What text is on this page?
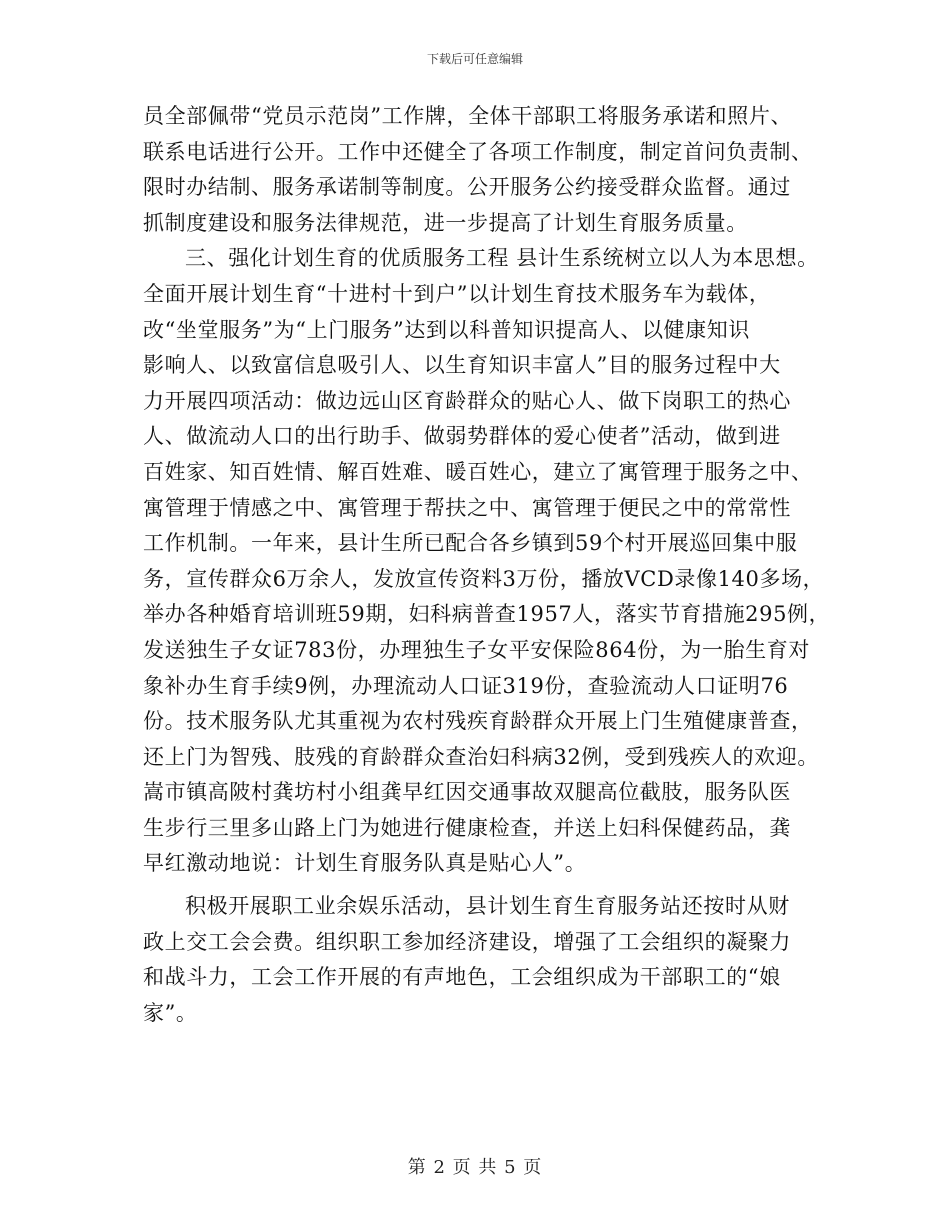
下载后可任意编辑
员全部佩带“党员示范岗”工作牌，全体干部职工将服务承诺和照片、
联系电话进行公开。工作中还健全了各项工作制度，制定首问负责制、
限时办结制、服务承诺制等制度。公开服务公约接受群众监督。通过
抓制度建设和服务法律规范，进一步提高了计划生育服务质量。
三、强化计划生育的优质服务工程 县计生系统树立以人为本思想。
全面开展计划生育“十进村十到户”以计划生育技术服务车为载体，
改“坐堂服务”为“上门服务”达到以科普知识提高人、以健康知识
影响人、以致富信息吸引人、以生育知识丰富人”目的服务过程中大
力开展四项活动：做边远山区育龄群众的贴心人、做下岗职工的热心
人、做流动人口的出行助手、做弱势群体的爱心使者”活动，做到进
百姓家、知百姓情、解百姓难、暖百姓心，建立了寓管理于服务之中、
寓管理于情感之中、寓管理于帮扶之中、寓管理于便民之中的常常性
工作机制。一年来，县计生所已配合各乡镇到59个村开展巡回集中服
务，宣传群众6万余人，发放宣传资料3万份，播放VCD录像140多场，
举办各种婚育培训班59期，妇科病普查1957人，落实节育措施295例，
发送独生子女证783份，办理独生子女平安保险864份，为一胎生育对
象补办生育手续9例，办理流动人口证319份，查验流动人口证明76
份。技术服务队尤其重视为农村残疾育龄群众开展上门生殖健康普查，
还上门为智残、肢残的育龄群众查治妇科病32例，受到残疾人的欢迎。
嵩市镇高陂村龚坊村小组龚早红因交通事故双腿高位截肢，服务队医
生步行三里多山路上门为她进行健康检查，并送上妇科保健药品，龚
早红激动地说：计划生育服务队真是贴心人”。
积极开展职工业余娱乐活动，县计划生育生育服务站还按时从财
政上交工会会费。组织职工参加经济建设，增强了工会组织的凝聚力
和战斗力，工会工作开展的有声地色，工会组织成为干部职工的“娘
家”。
第 2 页 共 5 页
